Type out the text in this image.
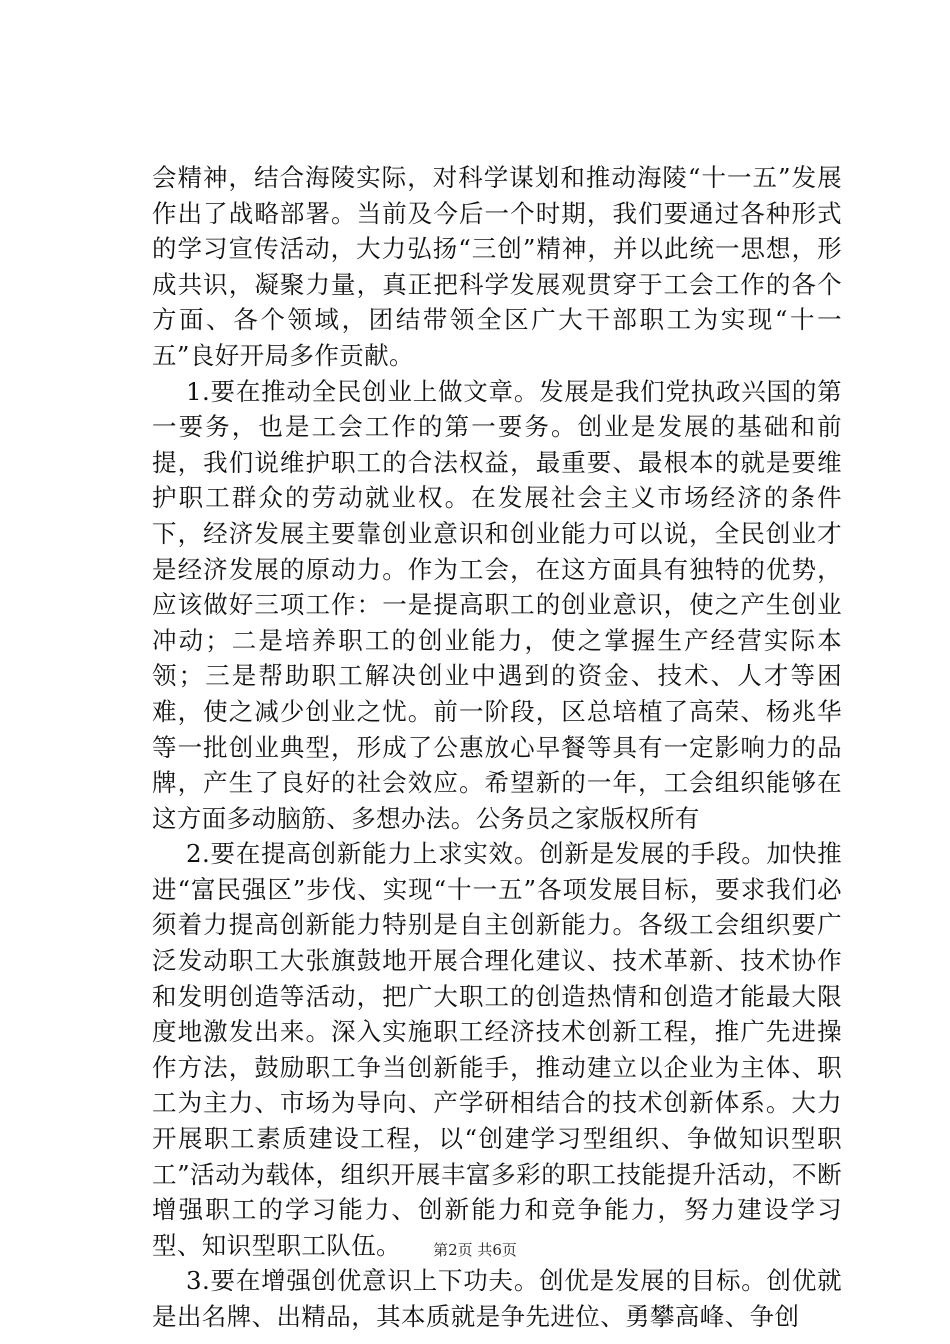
会精神，结合海陵实际，对科学谋划和推动海陵“十一五”发展作出了战略部署。当前及今后一个时期，我们要通过各种形式的学习宣传活动，大力弘扬“三创”精神，并以此统一思想，形成共识，凝聚力量，真正把科学发展观贯穿于工会工作的各个方面、各个领域，团结带领全区广大干部职工为实现“十一五”良好开局多作贡献。

1.要在推动全民创业上做文章。发展是我们党执政兴国的第一要务，也是工会工作的第一要务。创业是发展的基础和前提，我们说维护职工的合法权益，最重要、最根本的就是要维护职工群众的劳动就业权。在发展社会主义市场经济的条件下，经济发展主要靠创业意识和创业能力可以说，全民创业才是经济发展的原动力。作为工会，在这方面具有独特的优势，应该做好三项工作：一是提高职工的创业意识，使之产生创业冲动；二是培养职工的创业能力，使之掌握生产经营实际本领；三是帮助职工解决创业中遇到的资金、技术、人才等困难，使之减少创业之忧。前一阶段，区总培植了高荣、杨兆华等一批创业典型，形成了公惠放心早餐等具有一定影响力的品牌，产生了良好的社会效应。希望新的一年，工会组织能够在这方面多动脑筋、多想办法。公务员之家版权所有

2.要在提高创新能力上求实效。创新是发展的手段。加快推进“富民强区”步伐、实现“十一五”各项发展目标，要求我们必须着力提高创新能力特别是自主创新能力。各级工会组织要广泛发动职工大张旗鼓地开展合理化建议、技术革新、技术协作和发明创造等活动，把广大职工的创造热情和创造才能最大限度地激发出来。深入实施职工经济技术创新工程，推广先进操作方法，鼓励职工争当创新能手，推动建立以企业为主体、职工为主力、市场为导向、产学研相结合的技术创新体系。大力开展职工素质建设工程，以“创建学习型组织、争做知识型职工”活动为载体，组织开展丰富多彩的职工技能提升活动，不断增强职工的学习能力、创新能力和竞争能力，努力建设学习型、知识型职工队伍。

3.要在增强创优意识上下功夫。创优是发展的目标。创优就是出名牌、出精品，其本质就是争先进位、勇攀高峰、争创

第2页 共6页
